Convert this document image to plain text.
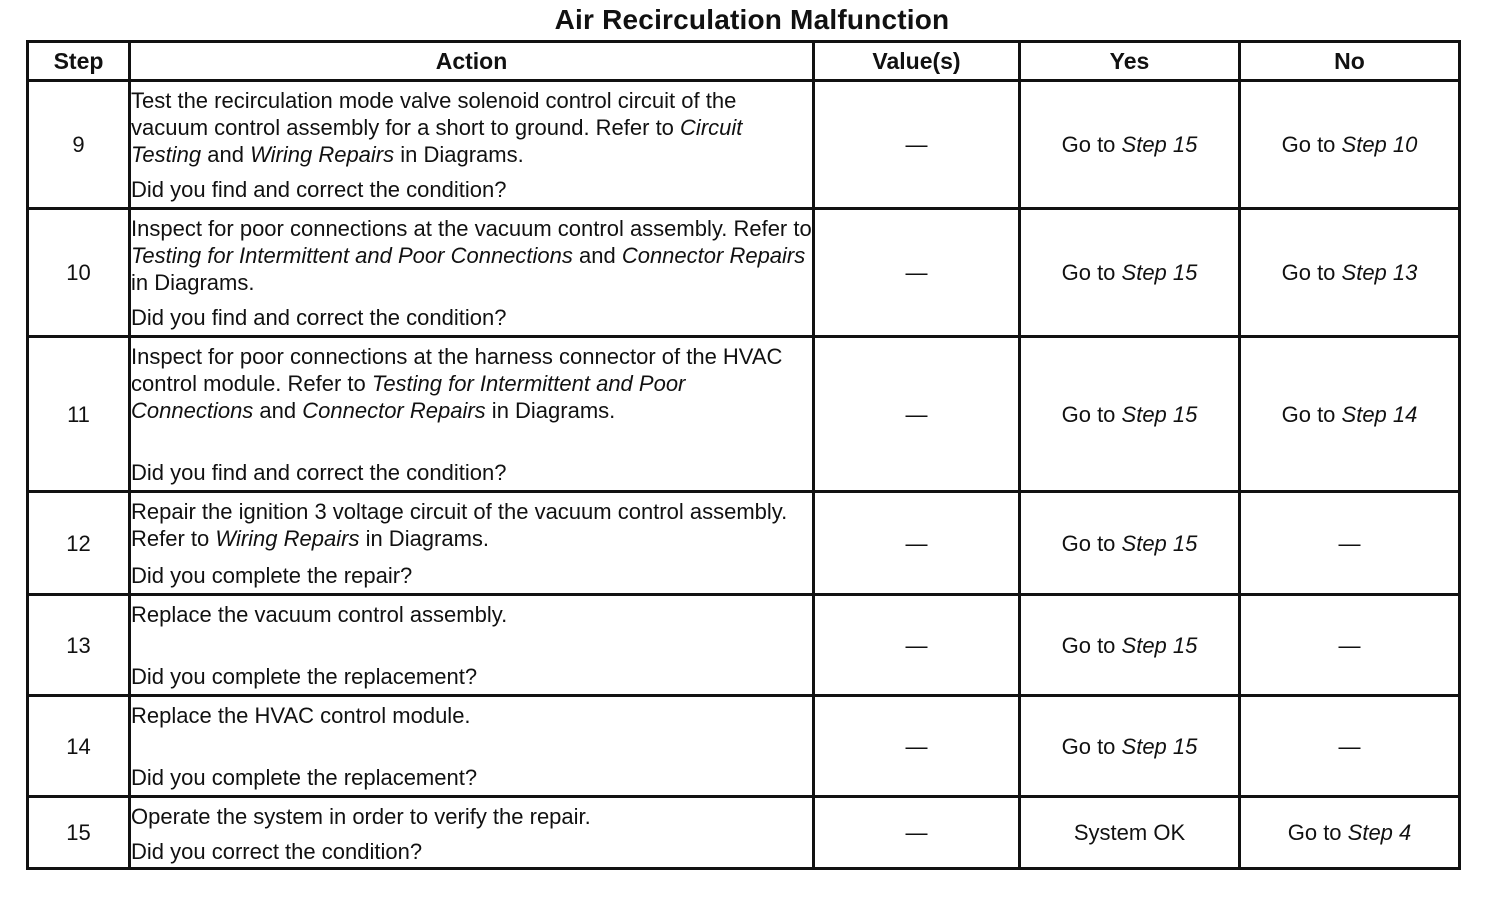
Air Recirculation Malfunction
Step	Action	Value(s)	Yes	No
9	Test the recirculation mode valve solenoid control circuit of the vacuum control assembly for a short to ground. Refer to Circuit Testing and Wiring Repairs in Diagrams.
Did you find and correct the condition?	—	Go to Step 15	Go to Step 10
10	Inspect for poor connections at the vacuum control assembly. Refer to Testing for Intermittent and Poor Connections and Connector Repairs in Diagrams.
Did you find and correct the condition?	—	Go to Step 15	Go to Step 13
11	Inspect for poor connections at the harness connector of the HVAC control module. Refer to Testing for Intermittent and Poor Connections and Connector Repairs in Diagrams.
Did you find and correct the condition?	—	Go to Step 15	Go to Step 14
12	Repair the ignition 3 voltage circuit of the vacuum control assembly. Refer to Wiring Repairs in Diagrams.
Did you complete the repair?	—	Go to Step 15	—
13	Replace the vacuum control assembly.
Did you complete the replacement?	—	Go to Step 15	—
14	Replace the HVAC control module.
Did you complete the replacement?	—	Go to Step 15	—
15	Operate the system in order to verify the repair.
Did you correct the condition?	—	System OK	Go to Step 4
